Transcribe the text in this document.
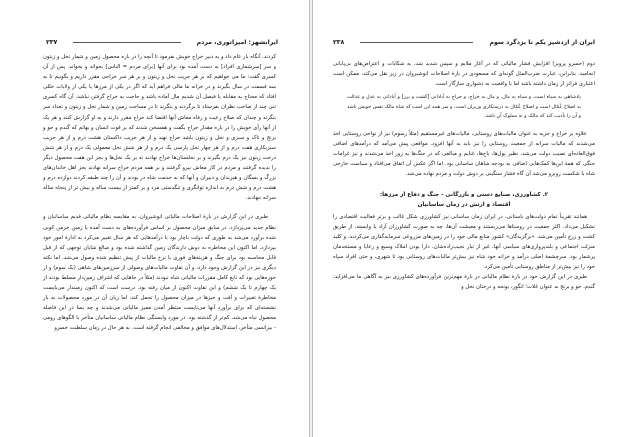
ایرانشهر: امپراتوری، مردم
۲۳۷

کردند. آنگاه بار عام داد و به دبیر خراج خویش بفرمود تا آنچه را در باره محصول زمین و شمار نخل و زیتون و سر [سرشماری افراد] به دست آمده بود برای آنها [برای مردم = الناس] بخواند و بخواند. پس از آن کسری گفت: ما می خواهیم که بر هر جریب نخل و زیتون و بر هر سر خراجی مقرر داریم و بگوییم تا به سه قسمت در سال بگیرند و در خزانه ما مالی فراهم آید که اگر در یکی از مرزها یا یکی از ولایات خللی افتاد که محتاج به مقابله یا فیصل آن شدیم مال آماده باشد و حاجت به خراج گرفتن نباشد. آن گاه کسری تنی چند از صاحب نظران بفرستاد تا برگردند و بنگرند تا در مساحت زمین و شمار نخل و زیتون و تعداد سر بنگرند و چندان که صلاح رعیت و رفاه معاش آنها اقتضا کند خراج مقرر دارند و به او گزارش کنند و هر یک از آنها رأی خویش را در باره مقدار خراج بگفت و همسخن شدند که بر قوت انسان و بهائم که گندم و جو و برنج و تاک و سبزی و نخل و زیتون باشد خراج نهند و از هر جریب داکستان هشت درم و از هر جریب سبزیکاری هفت درم و از هر چهار نخل پارسی یک درم و از هر شش نخل معمولی یک درم و از هر شش درخت زیتون نیز یک درم بگیرند و بر نخلستان‌ها خراج نهادند نه بر یک نخل‌ها و بجز این هفت محصول دیگر را ندیده گرفتند و مردم در کار معاش نیرو گرفتند و بر همه مردم خراج سرانه نهادند بجز اهل خاندان‌های بزرگ و بسگان و هیربدان و دبیران و آنها که به خدمت شاه در بودند و آن را چند طبقه کردند دوازده درم و هشت درم و شش درم به اندازه توانگری و تنگدستی مرد و بر کمتر از بیست ساله و بیش تر از پنجاه ساله سرانه ننهادند.

طبری در این گزارش در بارهٔ اصلاحات مالیاتی انوشیروان، به مقایسه نظام مالیاتی قدیم ساسانیان و نظام جدید می‌پردازد. در سابق میزان محصول بر اساس فرآورده‌های به دست آمده یا زمین خرمن کوبی شده برآورد می‌شد به طوری که دولت ناچار بود با درآمدهایی که هر سال تغییر می‌کرد به ادارهٔ امور خود بپردازد، اما اکنون این مخاطره به دوش دارندگان زمین گذاشته شده بود و مبالغ شایان توجهی که از قبل قابل محاسبه بود برای جنگ و هزینه‌های فوری با نرخ مالیات از پیش تنظیم شده وصول می‌شد. اما نکته دیگری نیز در این گزارش وجود دارد، و آن تفاوت مالیات‌های وصولی از سرزمین‌های شاهی (یک سوم) و از حوزه‌هایی بود که تابع کامل مقررات مالیاتی شاه نبودند (مثلاً در جاهایی که اشراف زمین‌دار مسلط بودند از یک چهارم تا یک ششم) و این تفاوت اکنون از میان رفته بود. درست است که اکنون زمیندار می‌بایست مخاطرهٔ تغییرات و آفت و خیزها در میزان محصول را تحمل کند، اما زیان آن در مورد محصولات به بار نشسته‌ای که برای برآورد آنها می‌بایست منتظر آمدن ممیز مالیاتی می‌شدند و چه بسا در این فاصله محصول تباه می‌شد، کم‌تر از گذشته بود. در مورد وابستگی نظام مالیاتی ساسانیان متأخر با الگوهای رومی - بیزانسی متأخر، استدلال‌های موافق و مخالفی انجام گرفته است. به هر حال در زمان سلطنت خسرو

ایران از اردشیر یکم تا یزدگرد سوم
۲۳۸

دوم (خسرو پرویز) افزایش فشار مالیاتی که در آغاز ملایم و سپس شدید شد، به شکایات و اعتراض‌های بی‌پایانی انجامید. بنابراین، عبارت ضرب‌المثل گونه‌ای که مسعودی در بارهٔ اصلاحات انوشیروان در زیر نقل می‌کند، ممکن است اعتباری فراتر از زمان داشته باشد اما با واقعیت به دشواری سازگار است.

پادشاهی به سپاه است، و سپاه به مال، و مال به خراج، و خراج به آبادانی [کشت و برز] و آبادانی به عدل و عدالت به اصلاح عُمّال است و اصلاح عُمّال به درستکاری وزیران است، و سر همه این است که شاه مالک نفس خویش باشد و آن را تأدیب کند که مالک و نه مملوک آن باشد.

علاوه بر خراج و جزیه به عنوان مالیات‌های روستایی، مالیات‌های غیرمستقیم (مثلاً رسوم) نیز از نواحی روستایی اخذ می‌شدند که مالیات سرانه از جمعیت روستایی را نیز باید به آنها افزود. مواقعی پیش می‌آمد که درآمدهای اضافی فوق‌العاده‌ای نصیب دولت می‌شد، نظیر پول‌ها، باج‌ها، غنایم و مبالغی که در جنگ‌ها به زور اخذ می‌شدند و نیز غرامات جنگی که همهٔ این‌ها کمک‌هایی اضافی به بودجه شاهان ساسانی بود. اما اگر عکس آن اتفاق می‌افتاد و سیاست خارجی شاه با شکست روبرو می‌شد آن گاه فشار سنگینی بر دوش دولت و مردم نهاده می‌شد.

۲. کشاورزی، صنایع دستی و بازرگانی - جنگ و دفاع از مرزها:
اقتصاد و ارتش در زمان ساسانیان

همانند تقریباً تمام دولت‌های باستانی، در ایران زمان ساسانی نیز کشاورزی شکل غالب و برتر فعالیت اقتصادی را تشکیل می‌داد. اکثر جمعیت در روستاها می‌زیستند و معیشت آن‌ها، چه به صورت کشاورزان آزاد یا وابسته، از طریق کشت و زرع تأمین می‌شد. «برگزیدگان» کشور منابع مالی خود را در زمین‌های مزروعی سرمایه‌گذاری می‌کردند، و کلید منزلت اجتماعی و بلندپروازی‌های سیاسی آنها، غیر از تبار نجیب‌زاده‌شان، دارا بودن املاک وسیع و رعایا و مستخدمان پرشمار بود. سرچشمهٔ اصلی درآمد و خزانه خود شاه نیز بیش‌تر مالیات‌های روستایی بود تا شهری، و حتی افراد سپاه خود را نیز بیش‌تر از مناطق روستایی تأمین می‌کرد.

طبری در این گزارش خود در بارهٔ نظام مالیاتی در بارهٔ مهم‌ترین فرآورده‌های کشاورزی نیز به آگاهی ما می‌افزاید: گندم، جو و برنج به عنوان غلات؛ انگور، یونجه و درختان نخل و
